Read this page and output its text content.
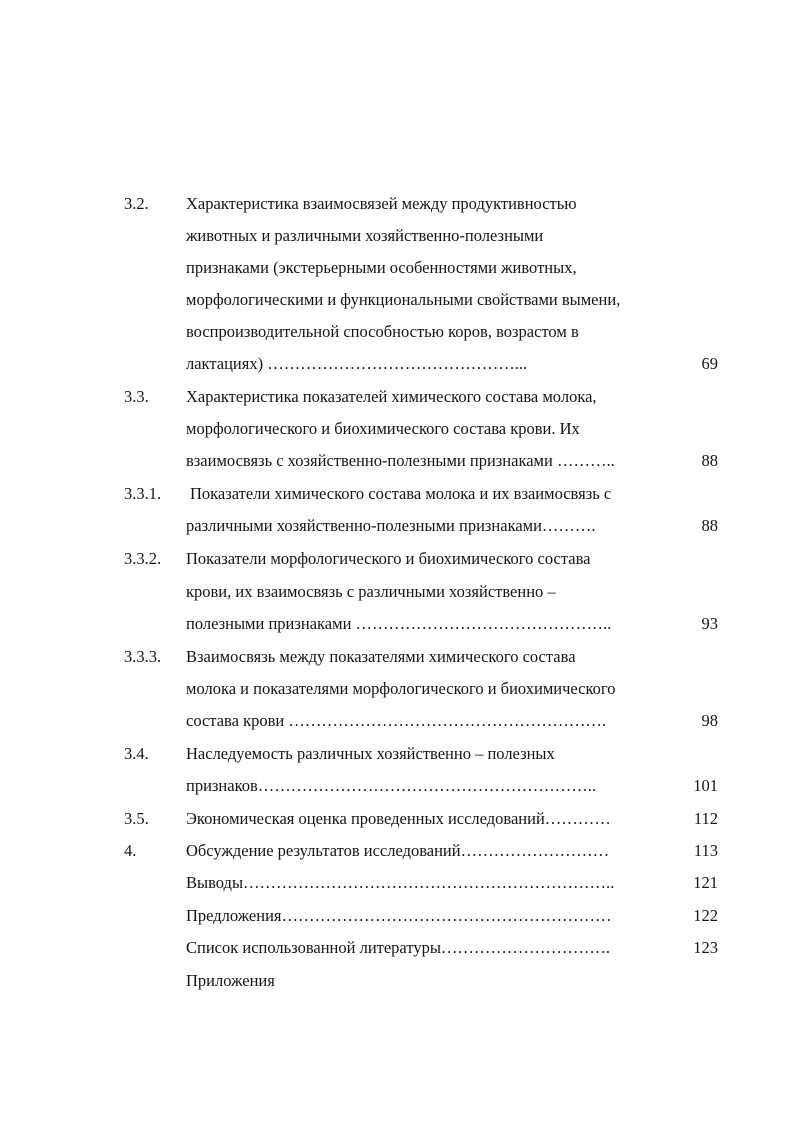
3.2. Характеристика взаимосвязей между продуктивностью
животных и различными хозяйственно-полезными
признаками (экстерьерными особенностями животных,
морфологическими и функциональными свойствами вымени,
воспроизводительной способностью коров, возрастом в
лактациях) ………………………………………...	69
3.3. Характеристика показателей химического состава молока,
морфологического и биохимического состава крови. Их
взаимосвязь с хозяйственно-полезными признаками ………..	88
3.3.1. Показатели химического состава молока и их взаимосвязь с
различными хозяйственно-полезными признаками……….	88
3.3.2. Показатели морфологического и биохимического состава
крови, их взаимосвязь с различными хозяйственно –
полезными признаками ………………………………………..	93
3.3.3. Взаимосвязь между показателями химического состава
молока и показателями морфологического и биохимического
состава крови ………………………………………………….	98
3.4. Наследуемость различных хозяйственно – полезных
признаков……………………………………………………..	101
3.5. Экономическая оценка проведенных исследований…………	112
4.	Обсуждение результатов исследований………………………	113
Выводы…………………………………………………………..	121
Предложения……………………………………………………	122
Список использованной литературы………………………….	123
Приложения
